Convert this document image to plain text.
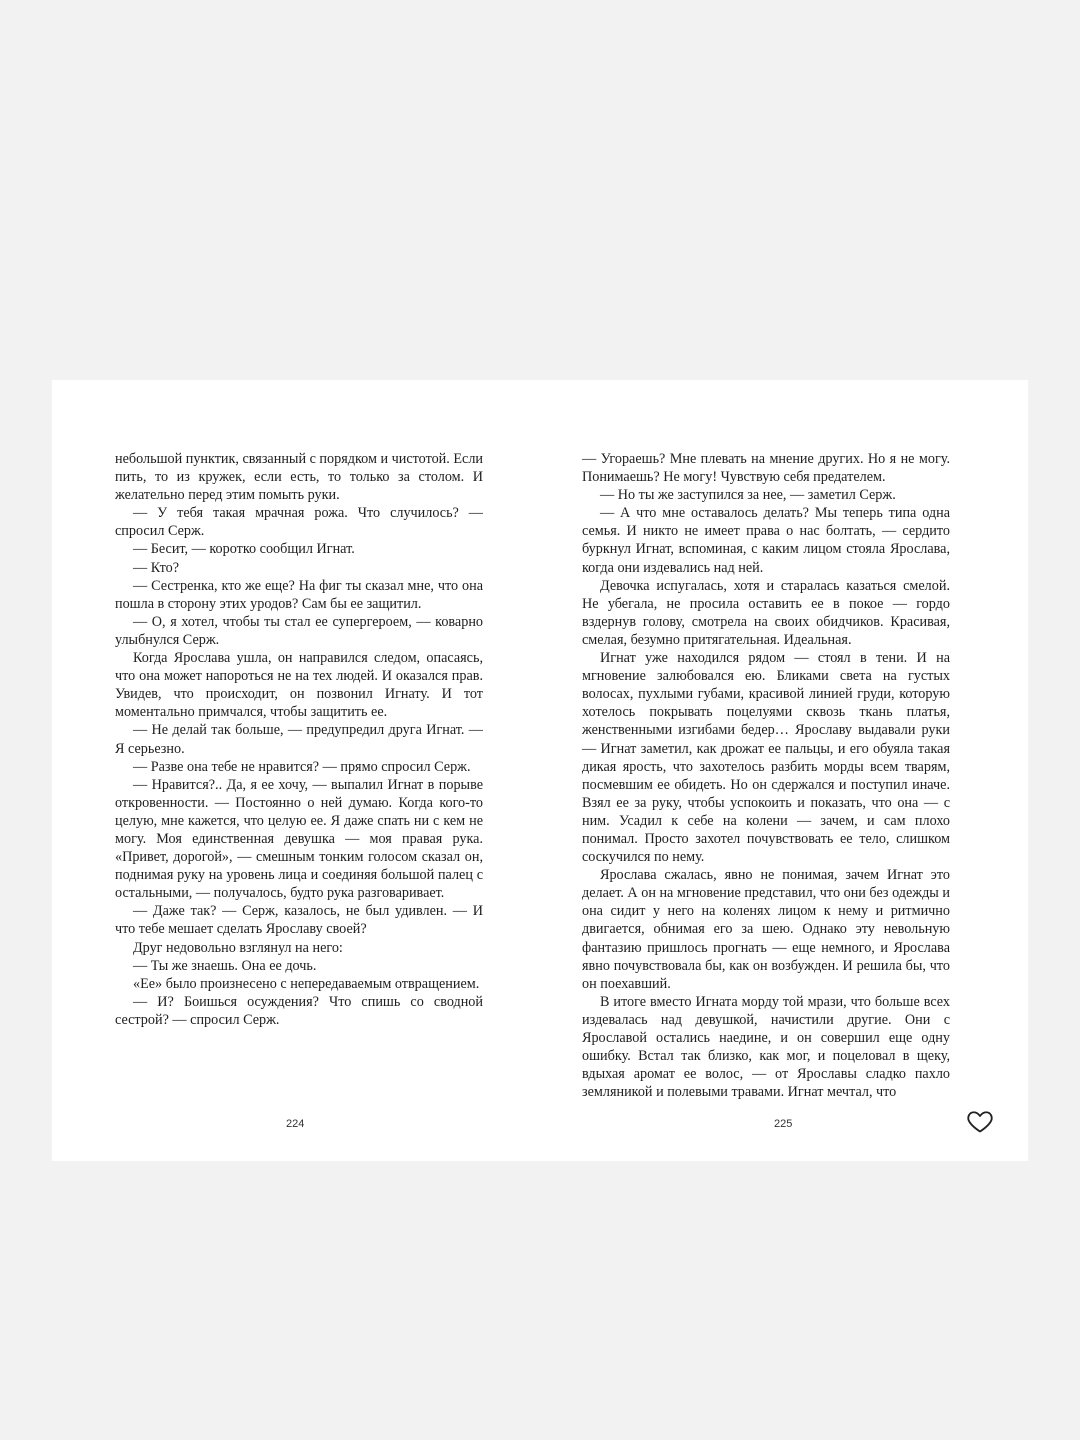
небольшой пунктик, связанный с порядком и чистотой. Если пить, то из кружек, если есть, то только за столом. И желательно перед этим помыть руки.

— У тебя такая мрачная рожа. Что случилось? — спросил Серж.

— Бесит, — коротко сообщил Игнат.

— Кто?

— Сестренка, кто же еще? На фиг ты сказал мне, что она пошла в сторону этих уродов? Сам бы ее защитил.

— О, я хотел, чтобы ты стал ее супергероем, — коварно улыбнулся Серж.

Когда Ярослава ушла, он направился следом, опасаясь, что она может напороться не на тех людей. И оказался прав. Увидев, что происходит, он позвонил Игнату. И тот моментально примчался, чтобы защитить ее.

— Не делай так больше, — предупредил друга Игнат. — Я серьезно.

— Разве она тебе не нравится? — прямо спросил Серж.

— Нравится?.. Да, я ее хочу, — выпалил Игнат в порыве откровенности. — Постоянно о ней думаю. Когда кого-то целую, мне кажется, что целую ее. Я даже спать ни с кем не могу. Моя единственная девушка — моя правая рука. «Привет, дорогой», — смешным тонким голосом сказал он, поднимая руку на уровень лица и соединяя большой палец с остальными, — получалось, будто рука разговаривает.

— Даже так? — Серж, казалось, не был удивлен. — И что тебе мешает сделать Ярославу своей?

Друг недовольно взглянул на него:

— Ты же знаешь. Она ее дочь.

«Ее» было произнесено с непередаваемым отвращением.

— И? Боишься осуждения? Что спишь со сводной сестрой? — спросил Серж.

— Угораешь? Мне плевать на мнение других. Но я не могу. Понимаешь? Не могу! Чувствую себя предателем.

— Но ты же заступился за нее, — заметил Серж.

— А что мне оставалось делать? Мы теперь типа одна семья. И никто не имеет права о нас болтать, — сердито буркнул Игнат, вспоминая, с каким лицом стояла Ярослава, когда они издевались над ней.

Девочка испугалась, хотя и старалась казаться смелой. Не убегала, не просила оставить ее в покое — гордо вздернув голову, смотрела на своих обидчиков. Красивая, смелая, безумно притягательная. Идеальная.

Игнат уже находился рядом — стоял в тени. И на мгновение залюбовался ею. Бликами света на густых волосах, пухлыми губами, красивой линией груди, которую хотелось покрывать поцелуями сквозь ткань платья, женственными изгибами бедер… Ярославу выдавали руки — Игнат заметил, как дрожат ее пальцы, и его обуяла такая дикая ярость, что захотелось разбить морды всем тварям, посмевшим ее обидеть. Но он сдержался и поступил иначе. Взял ее за руку, чтобы успокоить и показать, что она — с ним. Усадил к себе на колени — зачем, и сам плохо понимал. Просто захотел почувствовать ее тело, слишком соскучился по нему.

Ярослава сжалась, явно не понимая, зачем Игнат это делает. А он на мгновение представил, что они без одежды и она сидит у него на коленях лицом к нему и ритмично двигается, обнимая его за шею. Однако эту невольную фантазию пришлось прогнать — еще немного, и Ярослава явно почувствовала бы, как он возбужден. И решила бы, что он поехавший.

В итоге вместо Игната морду той мрази, что больше всех издевалась над девушкой, начистили другие. Они с Ярославой остались наедине, и он совершил еще одну ошибку. Встал так близко, как мог, и поцеловал в щеку, вдыхая аромат ее волос, — от Ярославы сладко пахло земляникой и полевыми травами. Игнат мечтал, что

224	225
